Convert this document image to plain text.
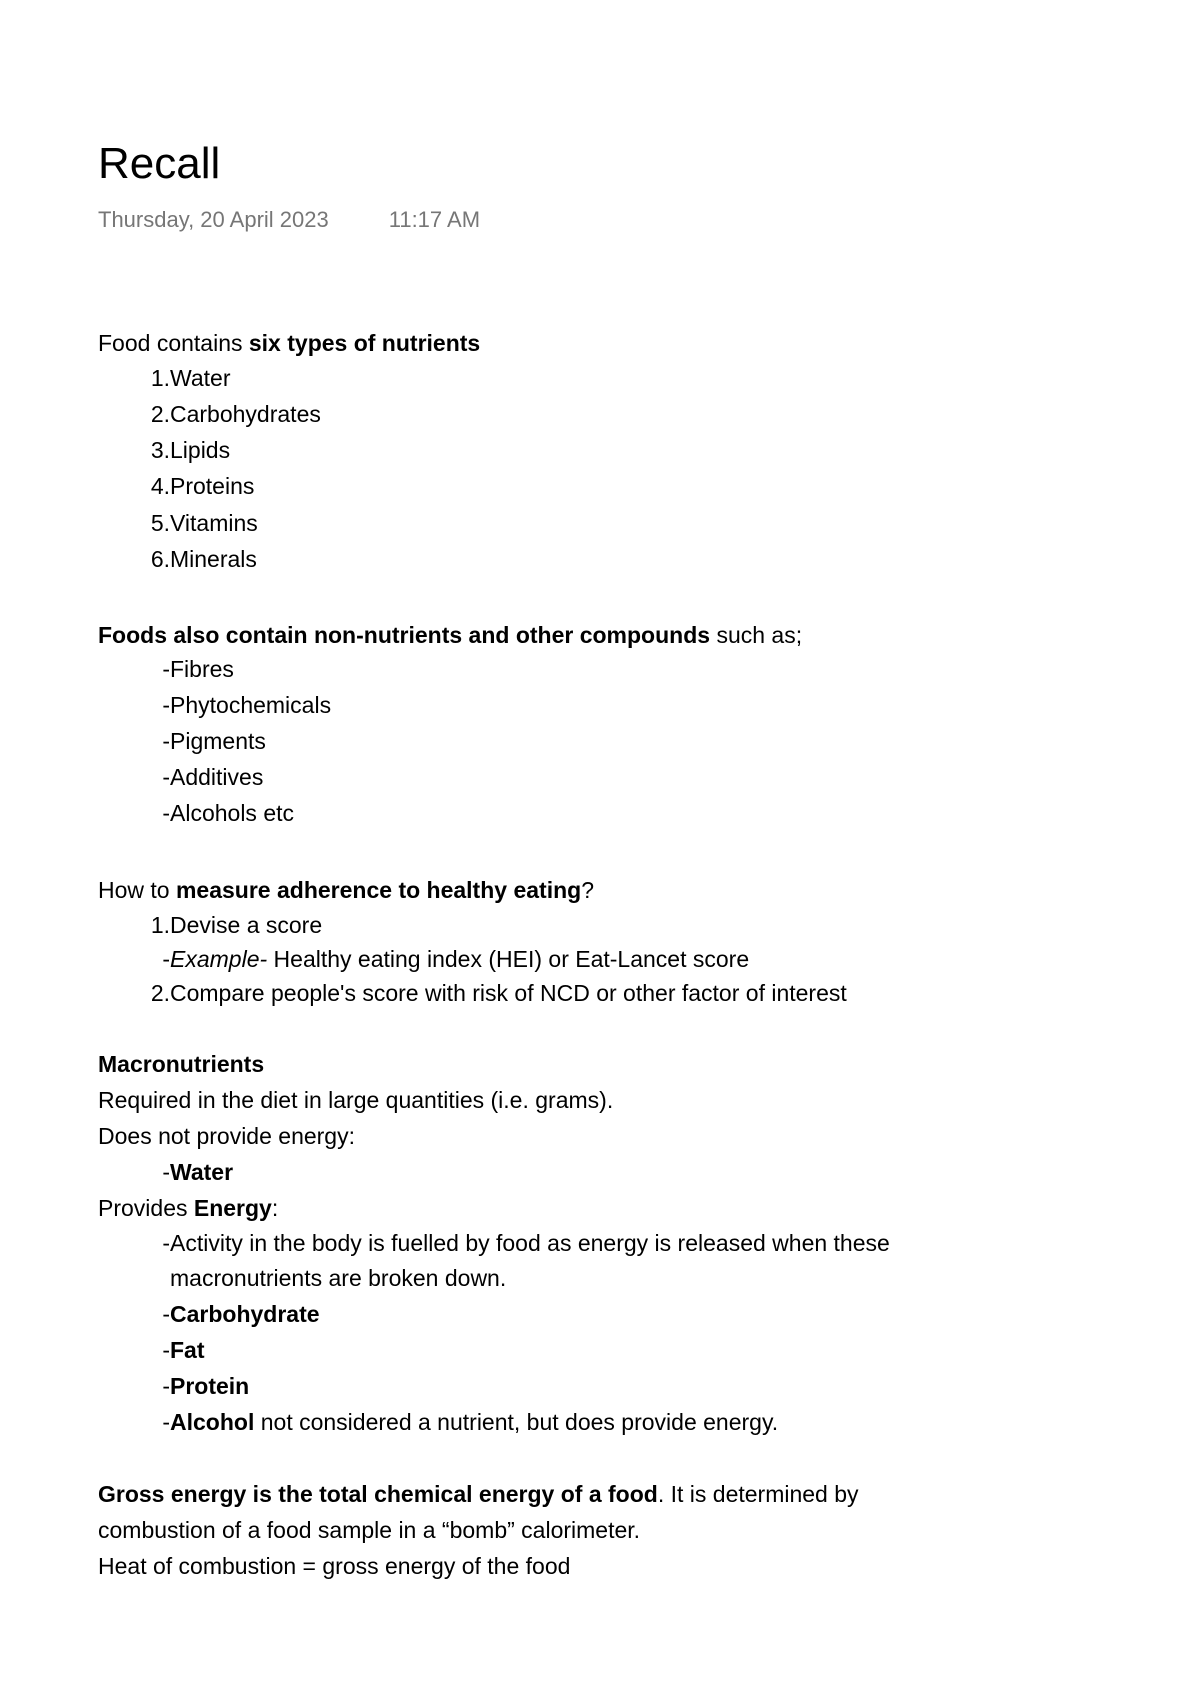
Recall
Thursday, 20 April 2023	11:17 AM
Food contains six types of nutrients
1. Water
2. Carbohydrates
3. Lipids
4. Proteins
5. Vitamins
6. Minerals
Foods also contain non-nutrients and other compounds such as;
- Fibres
- Phytochemicals
- Pigments
- Additives
- Alcohols etc
How to measure adherence to healthy eating?
1. Devise a score
- Example- Healthy eating index (HEI) or Eat-Lancet score
2. Compare people's score with risk of NCD or other factor of interest
Macronutrients
Required in the diet in large quantities (i.e. grams).
Does not provide energy:
- Water
Provides Energy:
- Activity in the body is fuelled by food as energy is released when these
macronutrients are broken down.
- Carbohydrate
- Fat
- Protein
- Alcohol not considered a nutrient, but does provide energy.
Gross energy is the total chemical energy of a food. It is determined by
combustion of a food sample in a “bomb” calorimeter.
Heat of combustion = gross energy of the food
